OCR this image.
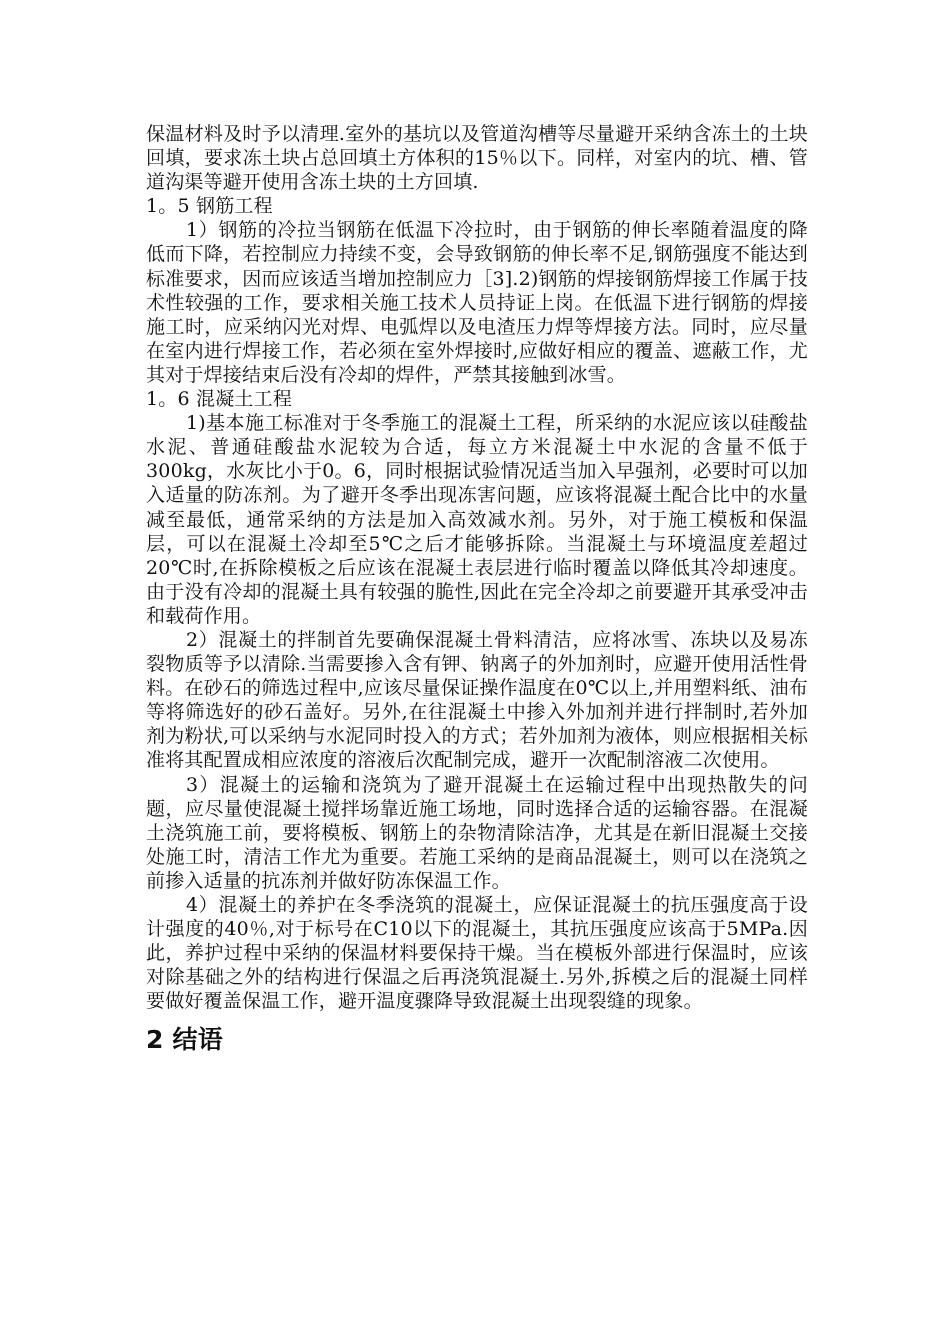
保温材料及时予以清理.室外的基坑以及管道沟槽等尽量避开采纳含冻土的土块回填，要求冻土块占总回填土方体积的15％以下。同样，对室内的坑、槽、管道沟渠等避开使用含冻土块的土方回填.

1。5 钢筋工程

1）钢筋的冷拉当钢筋在低温下冷拉时，由于钢筋的伸长率随着温度的降低而下降，若控制应力持续不变，会导致钢筋的伸长率不足,钢筋强度不能达到标准要求，因而应该适当增加控制应力［3].2)钢筋的焊接钢筋焊接工作属于技术性较强的工作，要求相关施工技术人员持证上岗。在低温下进行钢筋的焊接施工时，应采纳闪光对焊、电弧焊以及电渣压力焊等焊接方法。同时，应尽量在室内进行焊接工作，若必须在室外焊接时,应做好相应的覆盖、遮蔽工作，尤其对于焊接结束后没有冷却的焊件，严禁其接触到冰雪。

1。6 混凝土工程

1)基本施工标准对于冬季施工的混凝土工程，所采纳的水泥应该以硅酸盐水泥、普通硅酸盐水泥较为合适，每立方米混凝土中水泥的含量不低于300kg，水灰比小于0。6，同时根据试验情况适当加入早强剂，必要时可以加入适量的防冻剂。为了避开冬季出现冻害问题，应该将混凝土配合比中的水量减至最低，通常采纳的方法是加入高效减水剂。另外，对于施工模板和保温层，可以在混凝土冷却至5℃之后才能够拆除。当混凝土与环境温度差超过20℃时,在拆除模板之后应该在混凝土表层进行临时覆盖以降低其冷却速度。由于没有冷却的混凝土具有较强的脆性,因此在完全冷却之前要避开其承受冲击和载荷作用。

2）混凝土的拌制首先要确保混凝土骨料清洁，应将冰雪、冻块以及易冻裂物质等予以清除.当需要掺入含有钾、钠离子的外加剂时，应避开使用活性骨料。在砂石的筛选过程中,应该尽量保证操作温度在0℃以上,并用塑料纸、油布等将筛选好的砂石盖好。另外,在往混凝土中掺入外加剂并进行拌制时,若外加剂为粉状,可以采纳与水泥同时投入的方式；若外加剂为液体，则应根据相关标准将其配置成相应浓度的溶液后次配制完成，避开一次配制溶液二次使用。

3）混凝土的运输和浇筑为了避开混凝土在运输过程中出现热散失的问题，应尽量使混凝土搅拌场靠近施工场地，同时选择合适的运输容器。在混凝土浇筑施工前，要将模板、钢筋上的杂物清除洁净，尤其是在新旧混凝土交接处施工时，清洁工作尤为重要。若施工采纳的是商品混凝土，则可以在浇筑之前掺入适量的抗冻剂并做好防冻保温工作。

4）混凝土的养护在冬季浇筑的混凝土，应保证混凝土的抗压强度高于设计强度的40％,对于标号在C10以下的混凝土，其抗压强度应该高于5MPa.因此，养护过程中采纳的保温材料要保持干燥。当在模板外部进行保温时，应该对除基础之外的结构进行保温之后再浇筑混凝土.另外,拆模之后的混凝土同样要做好覆盖保温工作，避开温度骤降导致混凝土出现裂缝的现象。

2 结语
